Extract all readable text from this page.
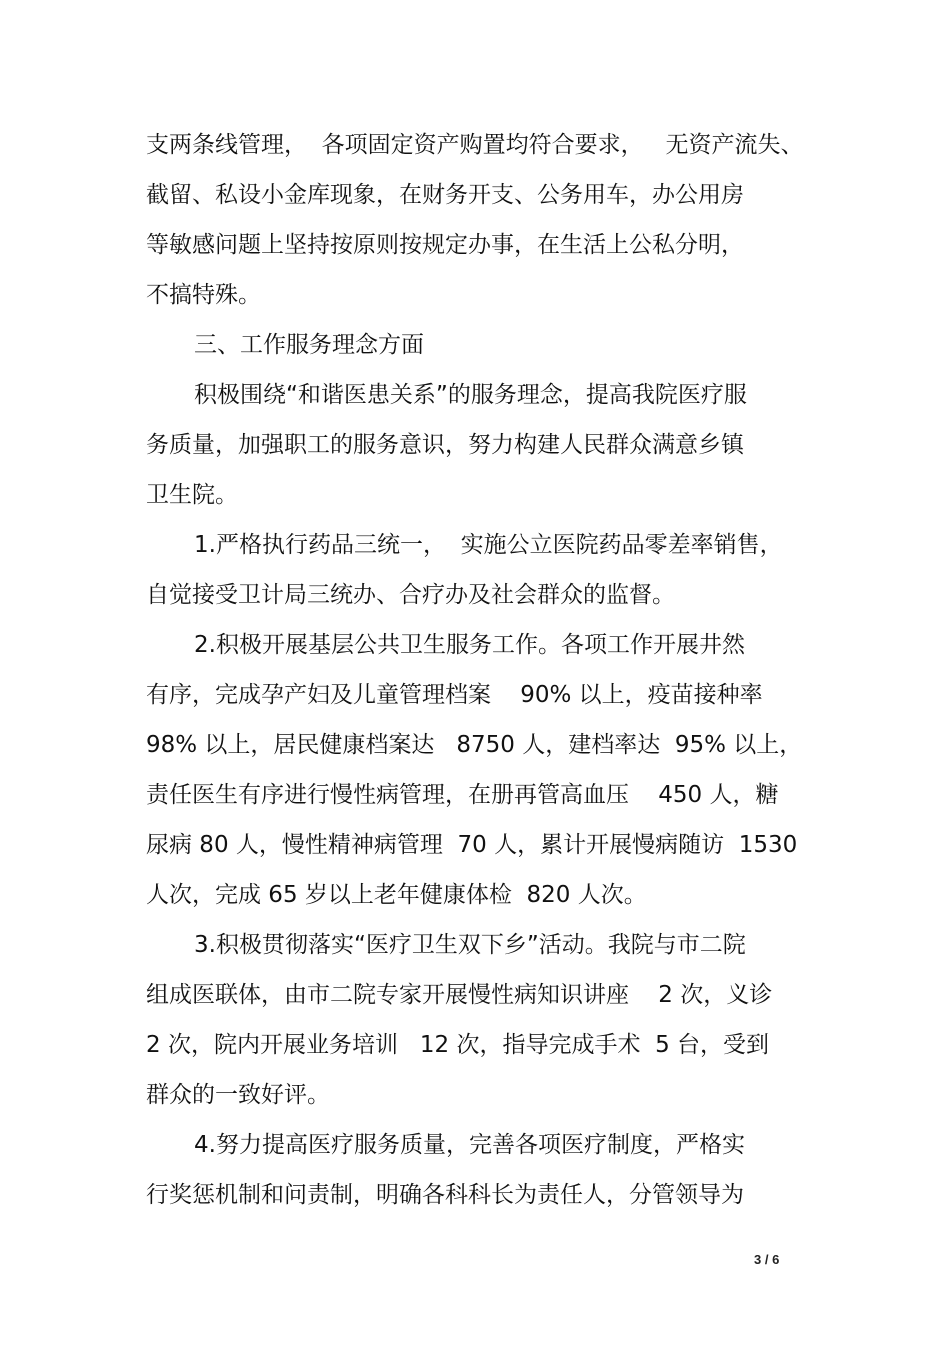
支两条线管理，  各项固定资产购置均符合要求，   无资产流失、
截留、私设小金库现象，在财务开支、公务用车，办公用房
等敏感问题上坚持按原则按规定办事，在生活上公私分明，
不搞特殊。
三、工作服务理念方面
积极围绕“和谐医患关系”的服务理念，提高我院医疗服
务质量，加强职工的服务意识，努力构建人民群众满意乡镇
卫生院。
1.严格执行药品三统一，  实施公立医院药品零差率销售，
自觉接受卫计局三统办、合疗办及社会群众的监督。
2.积极开展基层公共卫生服务工作。各项工作开展井然
有序，完成孕产妇及儿童管理档案    90% 以上，疫苗接种率
98% 以上，居民健康档案达   8750 人，建档率达  95% 以上，
责任医生有序进行慢性病管理，在册再管高血压    450 人，糖
尿病 80 人，慢性精神病管理  70 人，累计开展慢病随访  1530
人次，完成 65 岁以上老年健康体检  820 人次。
3.积极贯彻落实“医疗卫生双下乡”活动。我院与市二院
组成医联体，由市二院专家开展慢性病知识讲座    2 次，义诊
2 次，院内开展业务培训   12 次，指导完成手术  5 台，受到
群众的一致好评。
4.努力提高医疗服务质量，完善各项医疗制度，严格实
行奖惩机制和问责制，明确各科科长为责任人，分管领导为
3 / 6
